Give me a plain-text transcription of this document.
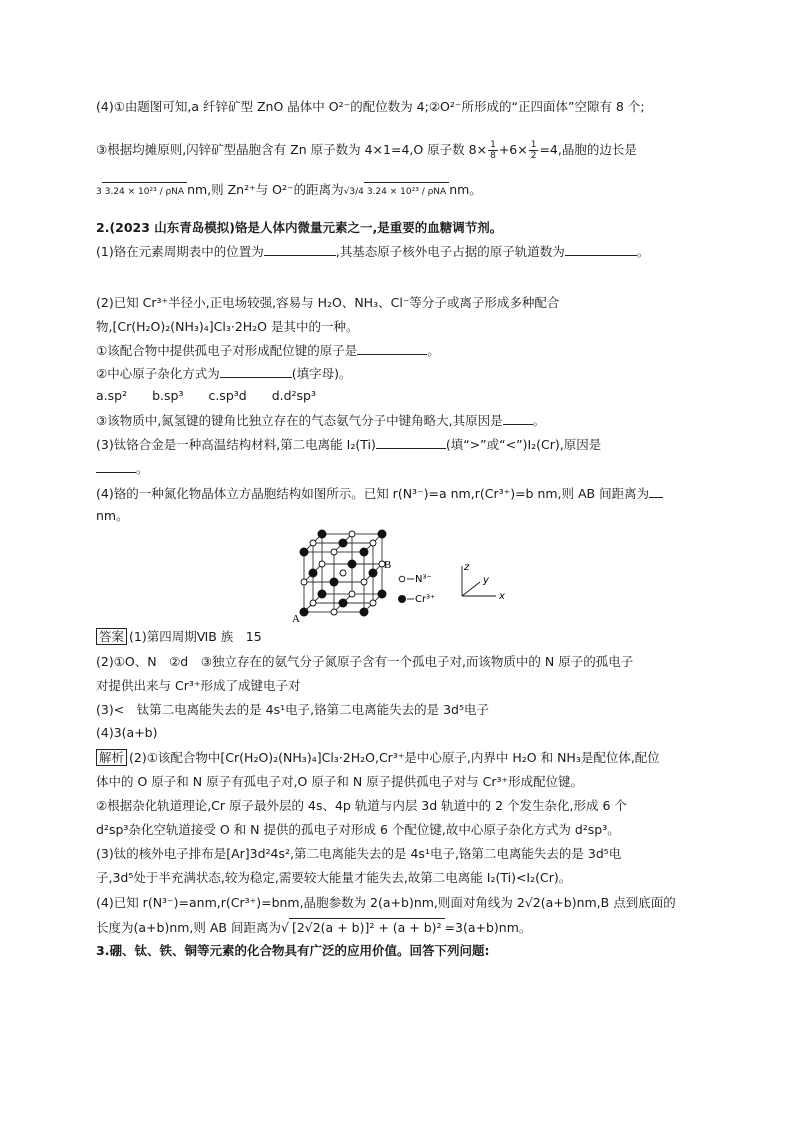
(4)①由题图可知,a 纤锌矿型 ZnO 晶体中 O²⁻的配位数为 4;②O²⁻所形成的“正四面体”空隙有 8 个;
③根据均摊原则,闪锌矿型晶胞含有 Zn 原子数为 4×1=4,O 原子数 $8\times \frac{1}{8} +6\times \frac{1}{2} =4$,晶胞的边长是
3 3.24 × 10²³ / ρNA nm,则 Zn²⁺与 O²⁻的距离为√3/4 3.24 × 10²³ / ρNA nm。
2.(2023 山东青岛模拟)铬是人体内微量元素之一,是重要的血糖调节剂。
(1)铬在元素周期表中的位置为	,其基态原子核外电子占据的原子轨道数为	。
(2)已知 Cr³⁺半径小,正电场较强,容易与 H₂O、NH₃、Cl⁻等分子或离子形成多种配合
物,[Cr(H₂O)₂(NH₃)₄]Cl₃·2H₂O 是其中的一种。
①该配合物中提供孤电子对形成配位键的原子是	。
②中心原子杂化方式为	(填字母)。
a.sp²　　b.sp³　　c.sp³d　　d.d²sp³
③该物质中,氮氢键的键角比独立存在的气态氨气分子中键角略大,其原因是 。
(3)钛铬合金是一种高温结构材料,第二电离能 I₂(Ti)	(填“>”或“<”)I₂(Cr),原因是
。
(4)铬的一种氮化物晶体立方晶胞结构如图所示。已知 r(N³⁻)=a nm,r(Cr³⁺)=b nm,则 AB 间距离为
nm。
B
A
N³⁻
Cr³⁺
z
y
x
答案 (1)第四周期ⅥB 族　15
(2)①O、N　②d　③独立存在的氨气分子氮原子含有一个孤电子对,而该物质中的 N 原子的孤电子
对提供出来与 Cr³⁺形成了成键电子对
(3)<　钛第二电离能失去的是 4s¹电子,铬第二电离能失去的是 3d⁵电子
(4)3(a+b)
解析 (2)①该配合物中[Cr(H₂O)₂(NH₃)₄]Cl₃·2H₂O,Cr³⁺是中心原子,内界中 H₂O 和 NH₃是配位体,配位
体中的 O 原子和 N 原子有孤电子对,O 原子和 N 原子提供孤电子对与 Cr³⁺形成配位键。
②根据杂化轨道理论,Cr 原子最外层的 4s、4p 轨道与内层 3d 轨道中的 2 个发生杂化,形成 6 个
d²sp³杂化空轨道接受 O 和 N 提供的孤电子对形成 6 个配位键,故中心原子杂化方式为 d²sp³。
(3)钛的核外电子排布是[Ar]3d²4s²,第二电离能失去的是 4s¹电子,铬第二电离能失去的是 3d⁵电
子,3d⁵处于半充满状态,较为稳定,需要较大能量才能失去,故第二电离能 I₂(Ti)<I₂(Cr)。
(4)已知 r(N³⁻)=anm,r(Cr³⁺)=bnm,晶胞参数为 2(a+b)nm,则面对角线为 2√2(a+b)nm,B 点到底面的
长度为(a+b)nm,则 AB 间距离为√ [2√2(a + b)]² + (a + b)² =3(a+b)nm。
3.硼、钛、铁、铜等元素的化合物具有广泛的应用价值。回答下列问题:
